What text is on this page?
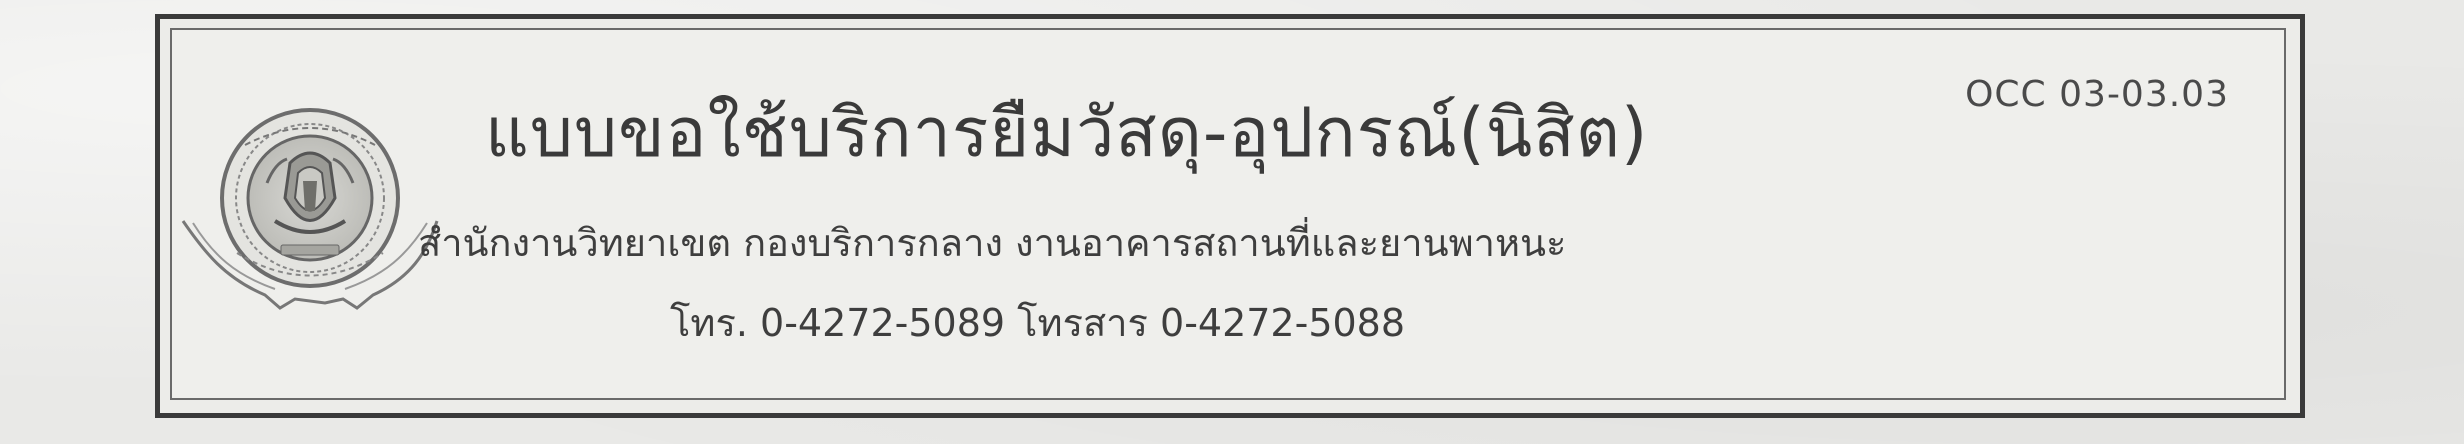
OCC 03-03.03
แบบขอใช้บริการยืมวัสดุ-อุปกรณ์(นิสิต)
สำนักงานวิทยาเขต กองบริการกลาง งานอาคารสถานที่และยานพาหนะ
โทร. 0-4272-5089 โทรสาร 0-4272-5088
